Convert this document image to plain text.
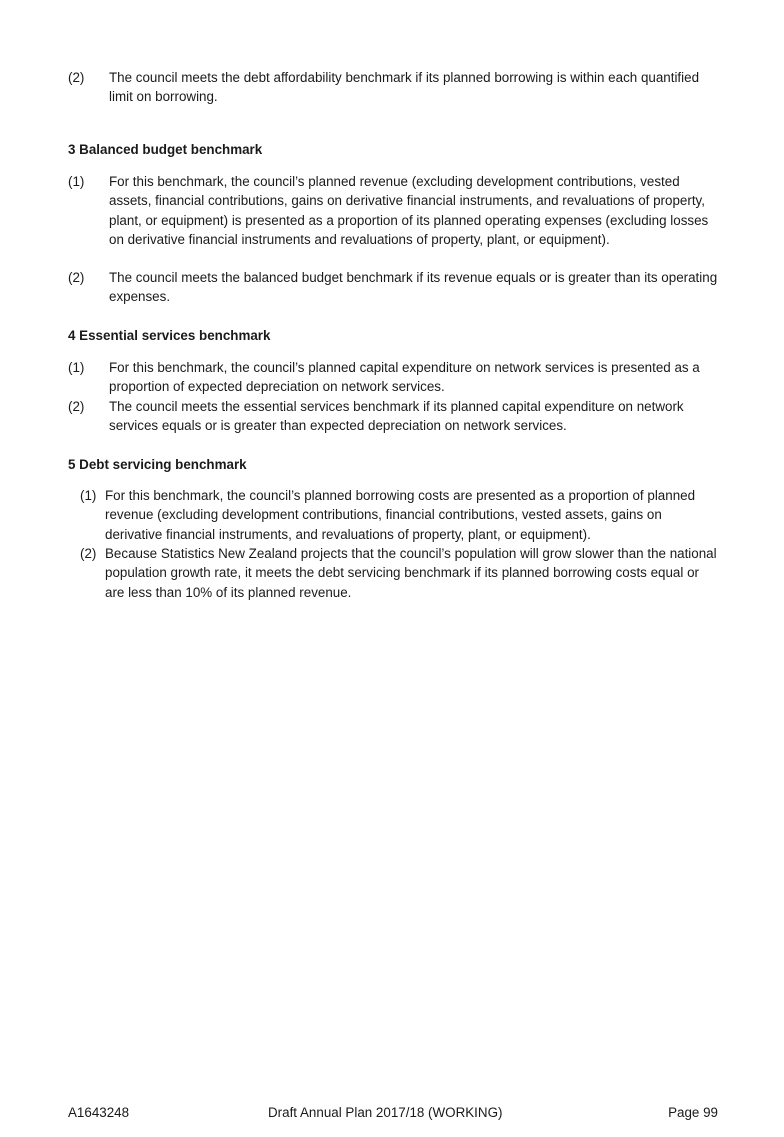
(2)	The council meets the debt affordability benchmark if its planned borrowing is within each quantified limit on borrowing.
3 Balanced budget benchmark
(1)	For this benchmark, the council’s planned revenue (excluding development contributions, vested assets, financial contributions, gains on derivative financial instruments, and revaluations of property, plant, or equipment) is presented as a proportion of its planned operating expenses (excluding losses on derivative financial instruments and revaluations of property, plant, or equipment).
(2)	The council meets the balanced budget benchmark if its revenue equals or is greater than its operating expenses.
4 Essential services benchmark
(1)	For this benchmark, the council’s planned capital expenditure on network services is presented as a proportion of expected depreciation on network services.
(2)	The council meets the essential services benchmark if its planned capital expenditure on network services equals or is greater than expected depreciation on network services.
5 Debt servicing benchmark
(1) For this benchmark, the council’s planned borrowing costs are presented as a proportion of planned revenue (excluding development contributions, financial contributions, vested assets, gains on derivative financial instruments, and revaluations of property, plant, or equipment).
(2) Because Statistics New Zealand projects that the council’s population will grow slower than the national population growth rate, it meets the debt servicing benchmark if its planned borrowing costs equal or are less than 10% of its planned revenue.
A1643248	Draft Annual Plan 2017/18 (WORKING)	Page 99
